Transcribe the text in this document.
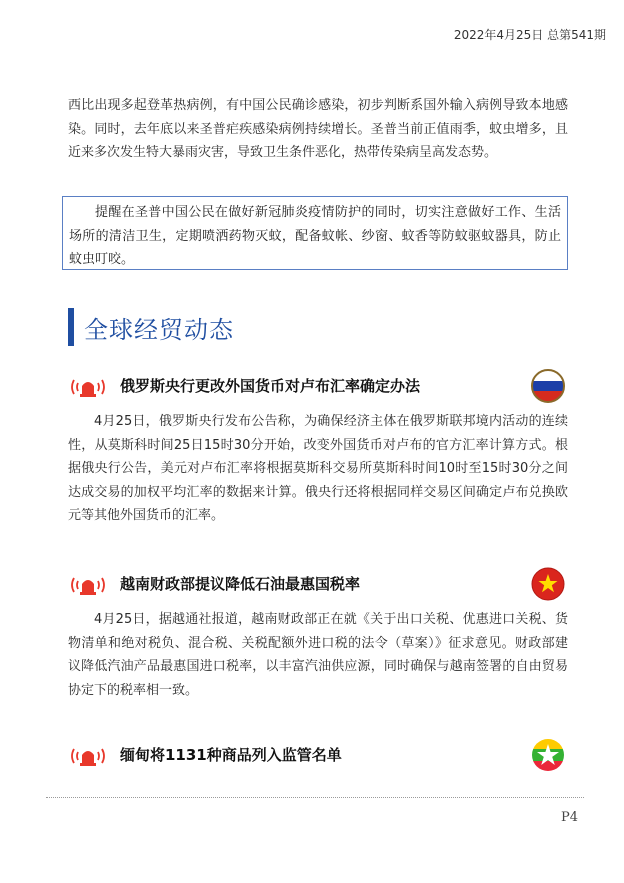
2022年4月25日 总第541期

西比出现多起登革热病例，有中国公民确诊感染，初步判断系国外输入病例导致本地感染。同时，去年底以来圣普疟疾感染病例持续增长。圣普当前正值雨季，蚊虫增多，且近来多次发生特大暴雨灾害，导致卫生条件恶化，热带传染病呈高发态势。

提醒在圣普中国公民在做好新冠肺炎疫情防护的同时，切实注意做好工作、生活场所的清洁卫生，定期喷洒药物灭蚊，配备蚊帐、纱窗、蚊香等防蚊驱蚊器具，防止蚊虫叮咬。

全球经贸动态
俄罗斯央行更改外国货币对卢布汇率确定办法

4月25日，俄罗斯央行发布公告称，为确保经济主体在俄罗斯联邦境内活动的连续性，从莫斯科时间25日15时30分开始，改变外国货币对卢布的官方汇率计算方式。根据俄央行公告，美元对卢布汇率将根据莫斯科交易所莫斯科时间10时至15时30分之间达成交易的加权平均汇率的数据来计算。俄央行还将根据同样交易区间确定卢布兑换欧元等其他外国货币的汇率。

越南财政部提议降低石油最惠国税率

4月25日，据越通社报道，越南财政部正在就《关于出口关税、优惠进口关税、货物清单和绝对税负、混合税、关税配额外进口税的法令（草案）》征求意见。财政部建议降低汽油产品最惠国进口税率，以丰富汽油供应源，同时确保与越南签署的自由贸易协定下的税率相一致。

缅甸将1131种商品列入监管名单
P4
